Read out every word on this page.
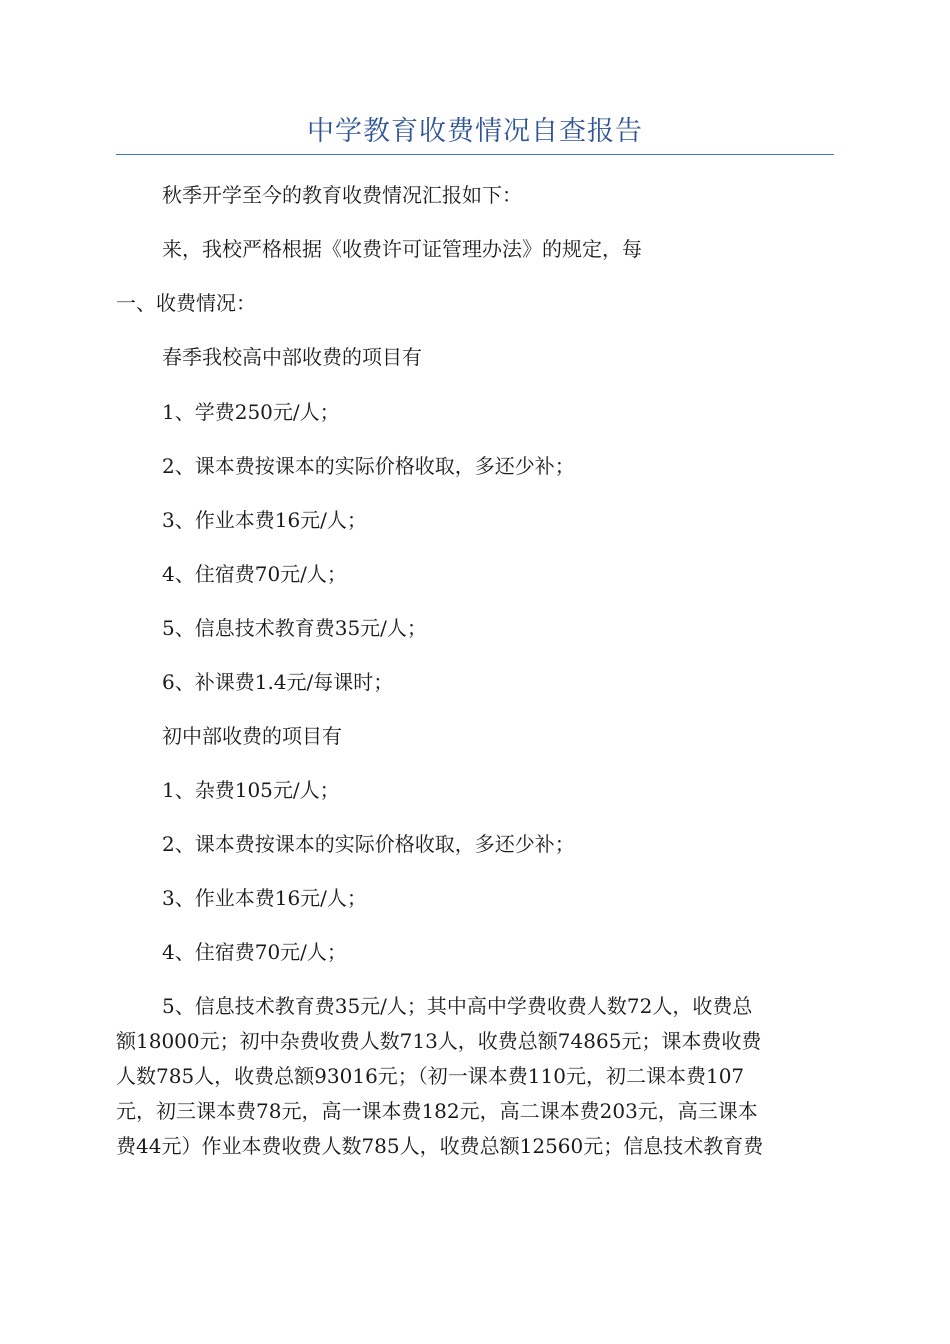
中学教育收费情况自查报告
秋季开学至今的教育收费情况汇报如下：
来，我校严格根据《收费许可证管理办法》的规定，每
一、收费情况：
春季我校高中部收费的项目有
1、学费250元/人；
2、课本费按课本的实际价格收取，多还少补；
3、作业本费16元/人；
4、住宿费70元/人；
5、信息技术教育费35元/人；
6、补课费1.4元/每课时；
初中部收费的项目有
1、杂费105元/人；
2、课本费按课本的实际价格收取，多还少补；
3、作业本费16元/人；
4、住宿费70元/人；
5、信息技术教育费35元/人；其中高中学费收费人数72人，收费总
额18000元；初中杂费收费人数713人，收费总额74865元；课本费收费
人数785人，收费总额93016元；（初一课本费110元，初二课本费107
元，初三课本费78元，高一课本费182元，高二课本费203元，高三课本
费44元）作业本费收费人数785人，收费总额12560元；信息技术教育费
